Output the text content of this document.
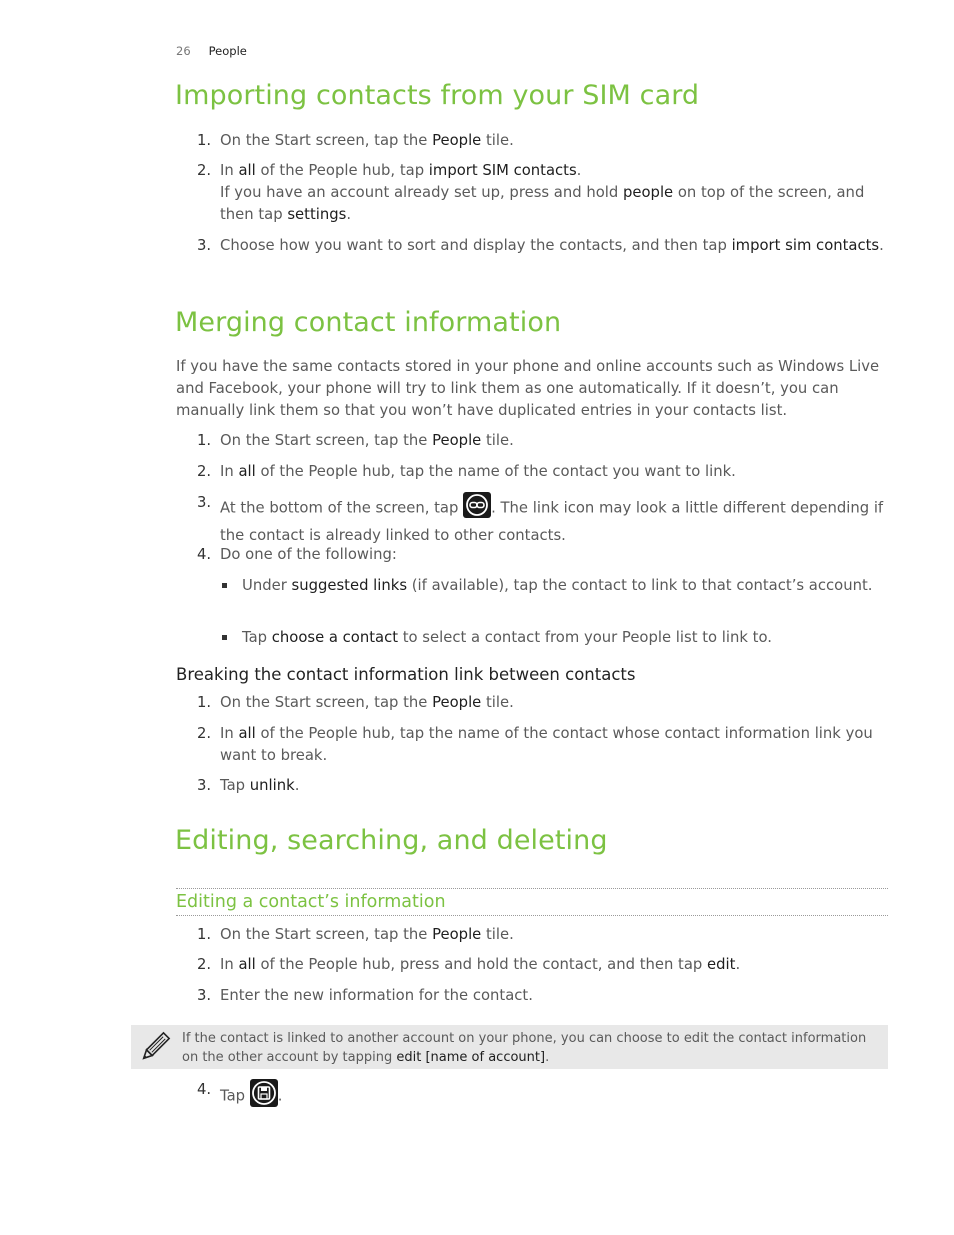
26 People
Importing contacts from your SIM card
1. On the Start screen, tap the People tile.
2. In all of the People hub, tap import SIM contacts.
If you have an account already set up, press and hold people on top of the screen, and then tap settings.
3. Choose how you want to sort and display the contacts, and then tap import sim contacts.
Merging contact information
If you have the same contacts stored in your phone and online accounts such as Windows Live and Facebook, your phone will try to link them as one automatically. If it doesn’t, you can manually link them so that you won’t have duplicated entries in your contacts list.
1. On the Start screen, tap the People tile.
2. In all of the People hub, tap the name of the contact you want to link.
3. At the bottom of the screen, tap . The link icon may look a little different depending if the contact is already linked to other contacts.
4. Do one of the following:
Under suggested links (if available), tap the contact to link to that contact’s account.
Tap choose a contact to select a contact from your People list to link to.
Breaking the contact information link between contacts
1. On the Start screen, tap the People tile.
2. In all of the People hub, tap the name of the contact whose contact information link you want to break.
3. Tap unlink.
Editing, searching, and deleting
Editing a contact’s information
1. On the Start screen, tap the People tile.
2. In all of the People hub, press and hold the contact, and then tap edit.
3. Enter the new information for the contact.
If the contact is linked to another account on your phone, you can choose to edit the contact information on the other account by tapping edit [name of account].
4. Tap .
